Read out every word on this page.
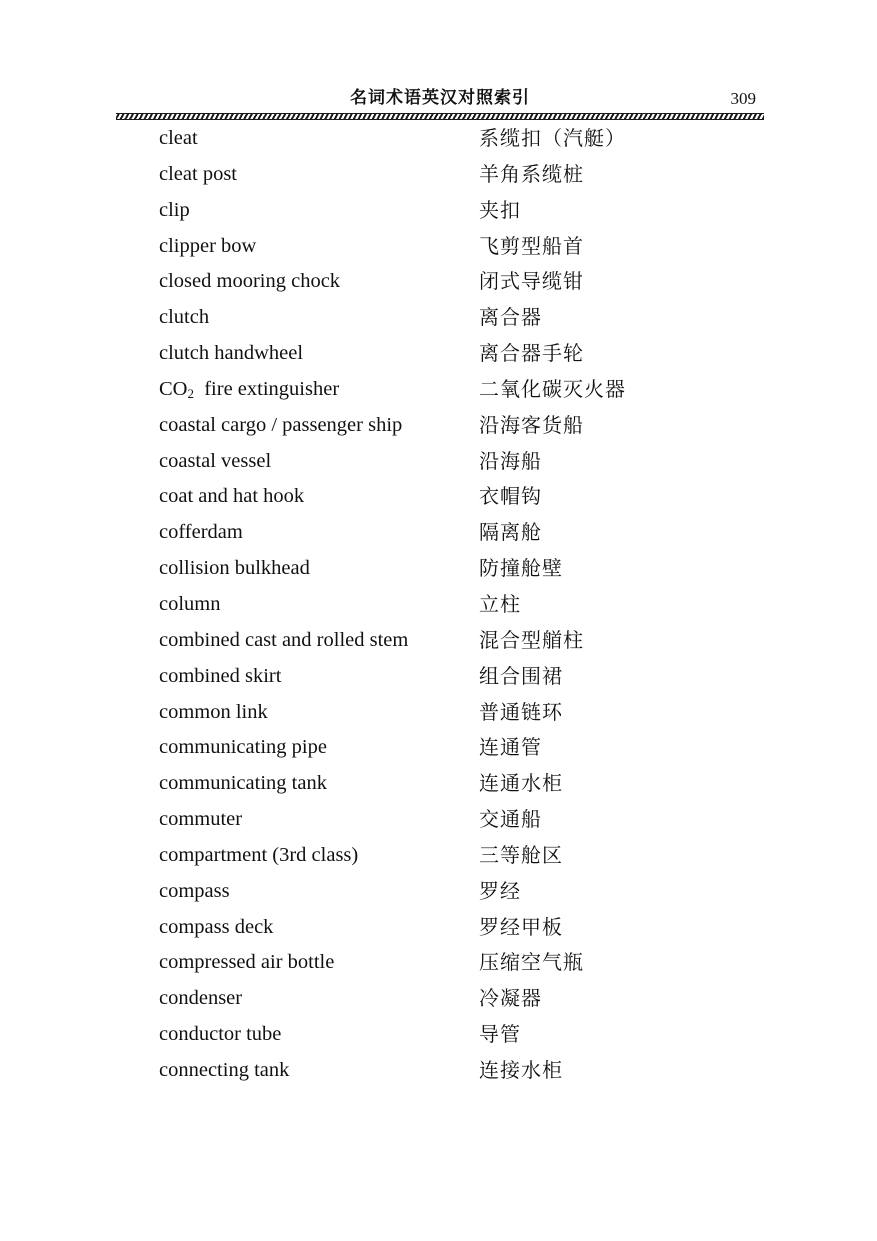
名词术语英汉对照索引	309
cleat	系缆扣（汽艇）
cleat post	羊角系缆桩
clip	夹扣
clipper bow	飞剪型船首
closed mooring chock	闭式导缆钳
clutch	离合器
clutch handwheel	离合器手轮
$CO_2$  fire extinguisher	二氧化碳灭火器
coastal cargo / passenger ship	沿海客货船
coastal vessel	沿海船
coat and hat hook	衣帽钩
cofferdam	隔离舱
collision bulkhead	防撞舱壁
column	立柱
combined cast and rolled stem	混合型艏柱
combined skirt	组合围裙
common link	普通链环
communicating pipe	连通管
communicating tank	连通水柜
commuter	交通船
compartment (3rd class)	三等舱区
compass	罗经
compass deck	罗经甲板
compressed air bottle	压缩空气瓶
condenser	冷凝器
conductor tube	导管
connecting tank	连接水柜
